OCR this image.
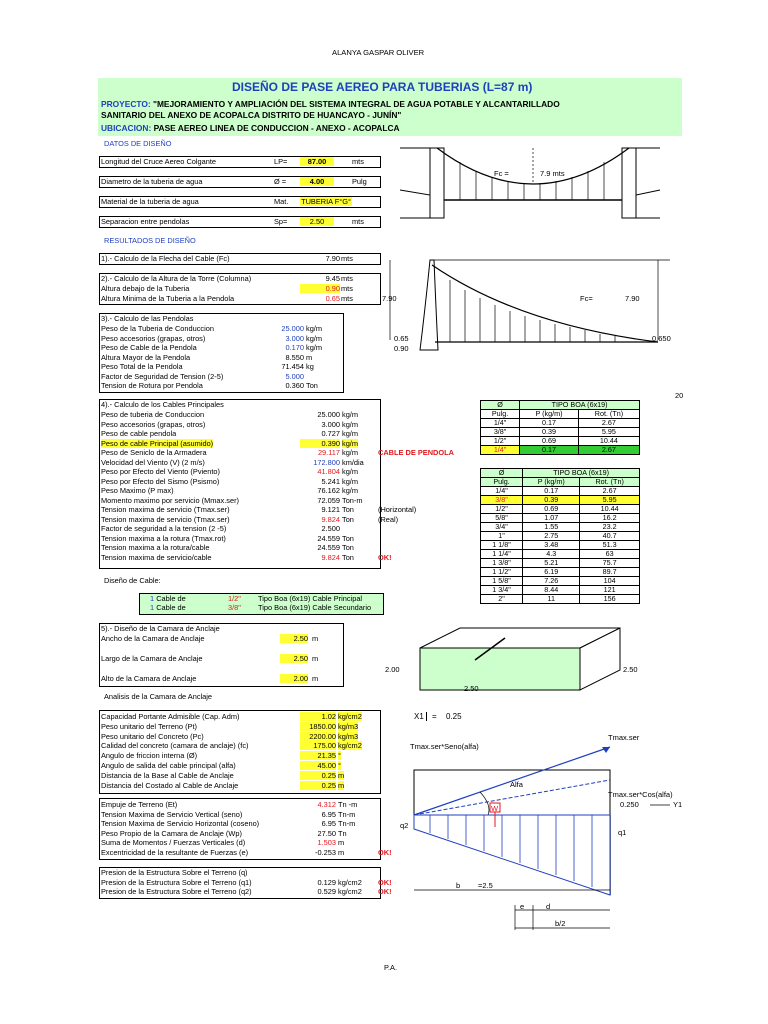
ALANYA GASPAR OLIVER
P.A.
DISEÑO DE PASE AEREO PARA TUBERIAS (L=87 m)
PROYECTO: "MEJORAMIENTO Y AMPLIACIÓN DEL SISTEMA INTEGRAL DE AGUA POTABLE Y ALCANTARILLADO
SANITARIO DEL ANEXO DE ACOPALCA DISTRITO DE HUANCAYO - JUNÍN"
UBICACION: PASE AEREO LINEA DE CONDUCCION - ANEXO - ACOPALCA
DATOS DE DISEÑO
Longitud del Cruce Aereo Colgante	LP=	87.00	mts
Diametro de la tuberia de agua	Ø =	4.00	Pulg
Material de la tuberia de agua	Mat. TUBERIA F°G°
Separacion entre pendolas	Sp=	2.50	mts
RESULTADOS DE DISEÑO
1).- Calculo de la Flecha del Cable (Fc)	7.90 mts
2).- Calculo de la Altura de la Torre (Columna)	9.45 mts
Altura debajo de la Tuberia	0.90 mts
Altura Minima de la Tuberia a la Pendola	0.65 mts
3).- Calculo de las Pendolas
Peso de la Tuberia de Conduccion	25.000 kg/m
Peso accesorios (grapas, otros)	3.000 kg/m
Peso de Cable de la Pendola	0.170 kg/m
Altura Mayor de la Pendola	8.550 m
Peso Total de la Pendola	71.454 kg
Factor de Seguridad de Tension (2-5)	5.000
Tension de Rotura por Pendola	0.360 Ton
4).- Calculo de los Cables Principales
Peso de tuberia de Conduccion	25.000 kg/m
Peso accesorios (grapas, otros)	3.000 kg/m
Peso de cable pendola	0.727 kg/m
Peso de cable Principal (asumido)	0.390 kg/m
Peso de Seniclo de la Armadera	29.117 kg/m	CABLE DE PENDOLA
Velocidad del Viento (V) (2 m/s)	172.800 km/dia
Peso por Efecto del Viento (Pviento)	41.804 kg/m
Peso por Efecto del Sismo (Psismo)	5.241 kg/m
Peso Maximo (P max)	76.162 kg/m
Momento maximo por servicio (Mmax.ser)	72.059 Ton-m
Tension maxima de servicio (Tmax.ser)	9.121 Ton	(Horizontal)
Tension maxima de servicio (Tmax.ser)	9.824 Ton	(Real)
Factor de seguridad a la tension (2 -5)	2.500
Tension maxima a la rotura (Tmax.rot)	24.559 Ton
Tension maxima a la rotura/cable	24.559 Ton
Tension maxima de servicio/cable	9.824 Ton	OK!
Ø	TIPO BOA (6x19)	
Pulg.	P (kg/m)	Rot. (Tn)
1/4"	0.17	2.67
3/8"	0.39	5.95
1/2"	0.69	10.44
1/4"	0.17	2.67
Ø	TIPO BOA (6x19)	
Pulg.	P (kg/m)	Rot. (Tn)
1/4"	0.17	2.67
3/8"	0.39	5.95
1/2"	0.69	10.44
5/8"	1.07	16.2
3/4"	1.55	23.2
1"	2.75	40.7
1 1/8"	3.48	51.3
1 1/4"	4.3	63
1 3/8"	5.21	75.7
1 1/2"	6.19	89.7
1 5/8"	7.26	104
1 3/4"	8.44	121
2"	11	156
Diseño de Cable:
1 Cable de	1/2" Tipo Boa (6x19) Cable Principal
1 Cable de	3/8" Tipo Boa (6x19) Cable Secundario
5).- Diseño de la Camara de Anclaje
Ancho de la Camara de Anclaje	2.50 m
Largo de la Camara de Anclaje	2.50 m
Alto de la Camara de Anclaje	2.00 m
Analisis de la Camara de Anclaje
Capacidad Portante Admisible (Cap. Adm)	1.02 kg/cm2
Peso unitario del Terreno (Pt)	1850.00 kg/m3
Peso unitario del Concreto (Pc)	2200.00 kg/m3
Calidad del concreto (camara de anclaje) (fc)	175.00 kg/cm2
Angulo de friccion interna (Ø)	21.35 °
Angulo de salida del cable principal (alfa)	45.00 °
Distancia de la Base al Cable de Anclaje	0.25 m
Distancia del Costado al Cable de Anclaje	0.25 m
Empuje de Terreno (Et)	4.312 Tn -m
Tension Maxima de Servicio Vertical (seno)	6.95 Tn-m
Tension Maxima de Servicio Horizontal (coseno)	6.95 Tn-m
Peso Propio de la Camara de Anclaje (Wp)	27.50 Tn
Suma de Momentos / Fuerzas Verticales (d)	1.503 m
Excentricidad de la resultante de Fuerzas (e)	-0.253 m	OK!
Presion de la Estructura Sobre el Terreno (q)
Presion de la Estructura Sobre el Terreno (q1)	0.129 kg/cm2 OK!
Presion de la Estructura Sobre el Terreno (q2)	0.529 kg/cm2 OK!
Fc =	7.9 mts
7.90	Fc=	7.90
0.65
0.90
0.650
20
2.00	2.50
2.50
X1	= 0.25
Tmax.ser*Seno(alfa)
Tmax.ser
Alfa
Tmax.ser*Cos(alfa)
0.250	Y1
W
q2
q1
b =2.5
e	d
b/2
